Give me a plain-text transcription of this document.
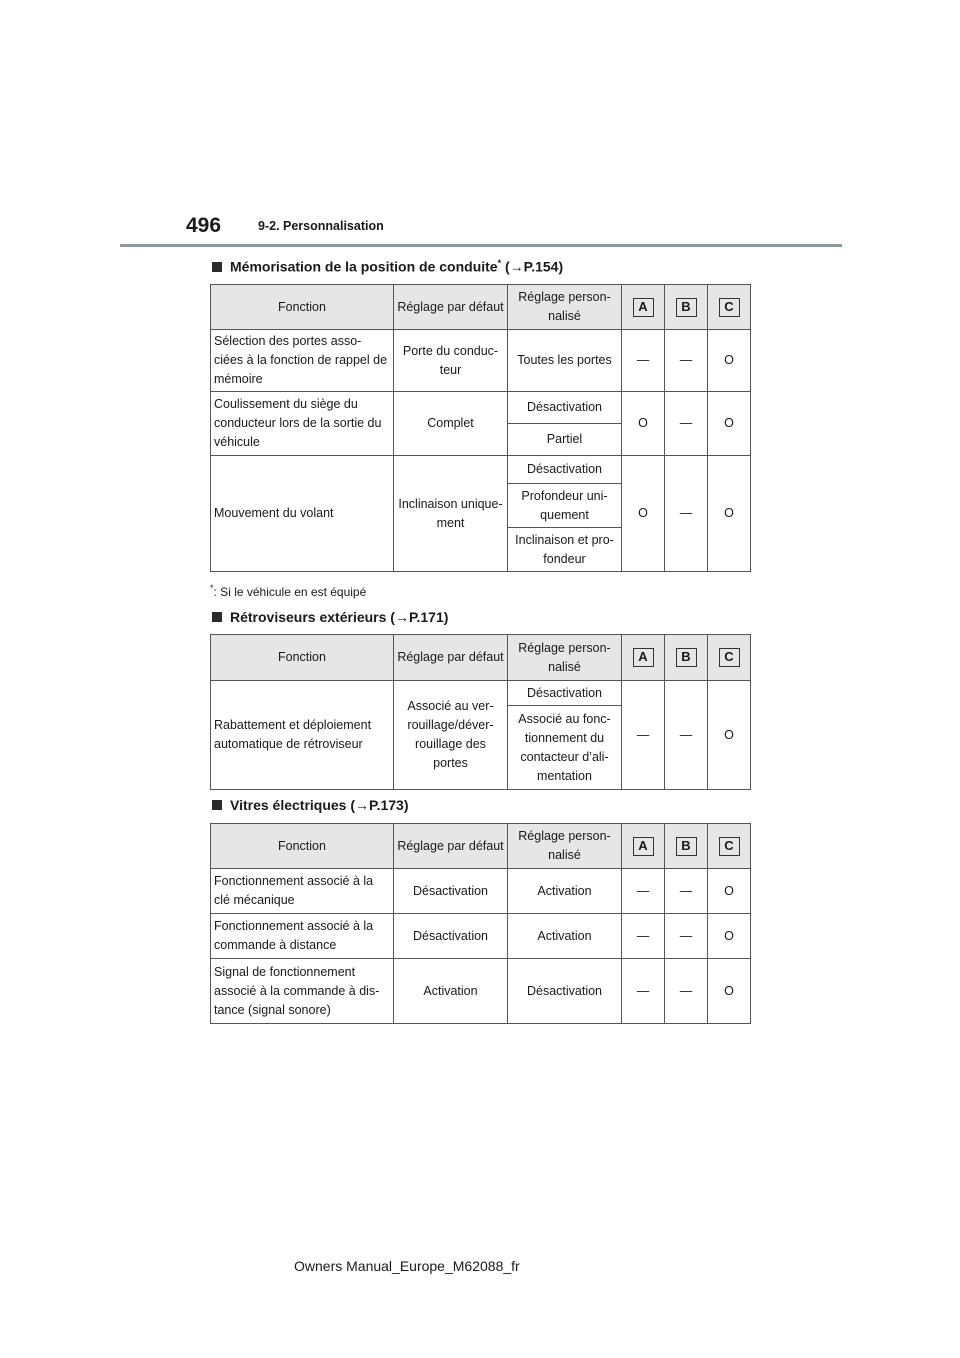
496	9-2. Personnalisation
Mémorisation de la position de conduite* (→P.154)
Fonction	Réglage par défaut	Réglage person-nalisé	A	B	C
Sélection des portes asso-ciées à la fonction de rappel de mémoire	Porte du conduc-teur	Toutes les portes	—	—	O
Coulissement du siège du conducteur lors de la sortie du véhicule	Complet	Désactivation	O	—	O
		Partiel			
Mouvement du volant	Inclinaison unique-ment	Désactivation	O	—	O
		Profondeur uni-quement			
		Inclinaison et pro-fondeur			
*: Si le véhicule en est équipé
Rétroviseurs extérieurs (→P.171)
Fonction	Réglage par défaut	Réglage person-nalisé	A	B	C
Rabattement et déploiement automatique de rétroviseur	Associé au ver-rouillage/déver-rouillage des portes	Désactivation	—	—	O
		Associé au fonc-tionnement du contacteur d’ali-mentation			
Vitres électriques (→P.173)
Fonction	Réglage par défaut	Réglage person-nalisé	A	B	C
Fonctionnement associé à la clé mécanique	Désactivation	Activation	—	—	O
Fonctionnement associé à la commande à distance	Désactivation	Activation	—	—	O
Signal de fonctionnement associé à la commande à dis-tance (signal sonore)	Activation	Désactivation	—	—	O
Owners Manual_Europe_M62088_fr
